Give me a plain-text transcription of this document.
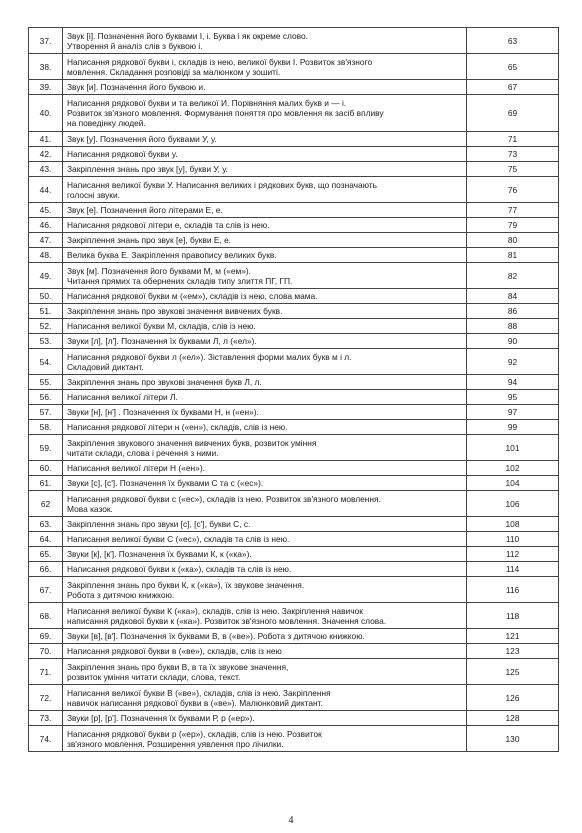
37.	Звук [і]. Позначення його буквами І, і. Буква і як окреме слово.
Утворення й аналіз слів з буквою і.	63
38.	Написання рядкової букви і, складів із нею, великої букви І. Розвиток зв'язного
мовлення. Складання розповіді за малюнком у зошиті.	65
39.	Звук [и]. Позначення його буквою и.	67
40.	Написання рядкової букви и та великої И. Порівняння малих букв и — і.
Розвиток зв'язного мовлення. Формування поняття про мовлення як засіб впливу
на поведінку людей.	69
41.	Звук [у]. Позначення його буквами У, у.	71
42.	Написання рядкової букви у.	73
43.	Закріплення знань про звук [у], букви У, у.	75
44.	Написання великої букви У. Написання великих і рядкових букв, що позначають
голосні звуки.	76
45.	Звук [е]. Позначення його літерами Е, е.	77
46.	Написання рядкової літери е, складів та слів із нею.	79
47.	Закріплення знань про звук [е], букви Е, е.	80
48.	Велика буква Е. Закріплення правопису великих букв.	81
49.	Звук [м]. Позначення його буквами М, м («ем»).
Читання прямих та обернених складів типу злиття ПГ, ГП.	82
50.	Написання рядкової букви м («ем»), складів із нею, слова мама.	84
51.	Закріплення знань про звукові значення вивчених букв.	86
52.	Написання великої букви М, складів, слів із нею.	88
53.	Звуки [л], [л']. Позначення їх буквами Л, л («ел»).	90
54.	Написання рядкової букви л («ел»). Зіставлення форми малих букв м і л.
Складовий диктант.	92
55.	Закріплення знань про звукові значення букв Л, л.	94
56.	Написання великої літери Л.	95
57.	Звуки [н], [н'] . Позначення їх буквами Н, н («ен»).	97
58.	Написання рядкової літери н («ен»), складів, слів із нею.	99
59.	Закріплення звукового значення вивчених букв, розвиток уміння
читати склади, слова і речення з ними.	101
60.	Написання великої літери Н («ен»).	102
61.	Звуки [с], [с']. Позначення їх буквами С та с («ес»).	104
62	Написання рядкової букви с («ес»), складів із нею. Розвиток зв'язного мовлення.
Мова казок.	106
63.	Закріплення знань про звуки [с], [с'], букви С, с.	108
64.	Написання великої букви С («ес»), складів та слів із нею.	110
65.	Звуки [к], [к']. Позначення їх буквами К, к («ка»).	112
66.	Написання рядкової букви к («ка»), складів та слів із нею.	114
67.	Закріплення знань про букви К, к («ка»), їх звукове значення.
Робота з дитячою книжкою.	116
68.	Написання великої букви К («ка»), складів, слів із нею. Закріплення навичок
написання рядкової букви к («ка»). Розвиток зв'язного мовлення. Значення слова.	118
69.	Звуки [в], [в']. Позначення їх буквами В, в («ве»). Робота з дитячою книжкою.	121
70.	Написання рядкової букви в («ве»), складів, слів із нею	123
71.	Закріплення знань про букви В, в та їх звукове значення,
розвиток уміння читати склади, слова, текст.	125
72.	Написання великої букви В («ве»), складів, слів із нею. Закріплення
навичок написання рядкової букви в («ве»). Малюнковий диктант.	126
73.	Звуки [р], [р']. Позначення їх буквами Р, р («ер»).	128
74.	Написання рядкової букви р («ер»), складів, слів із нею. Розвиток
зв'язного мовлення. Розширення уявлення про лічилки.	130
4
